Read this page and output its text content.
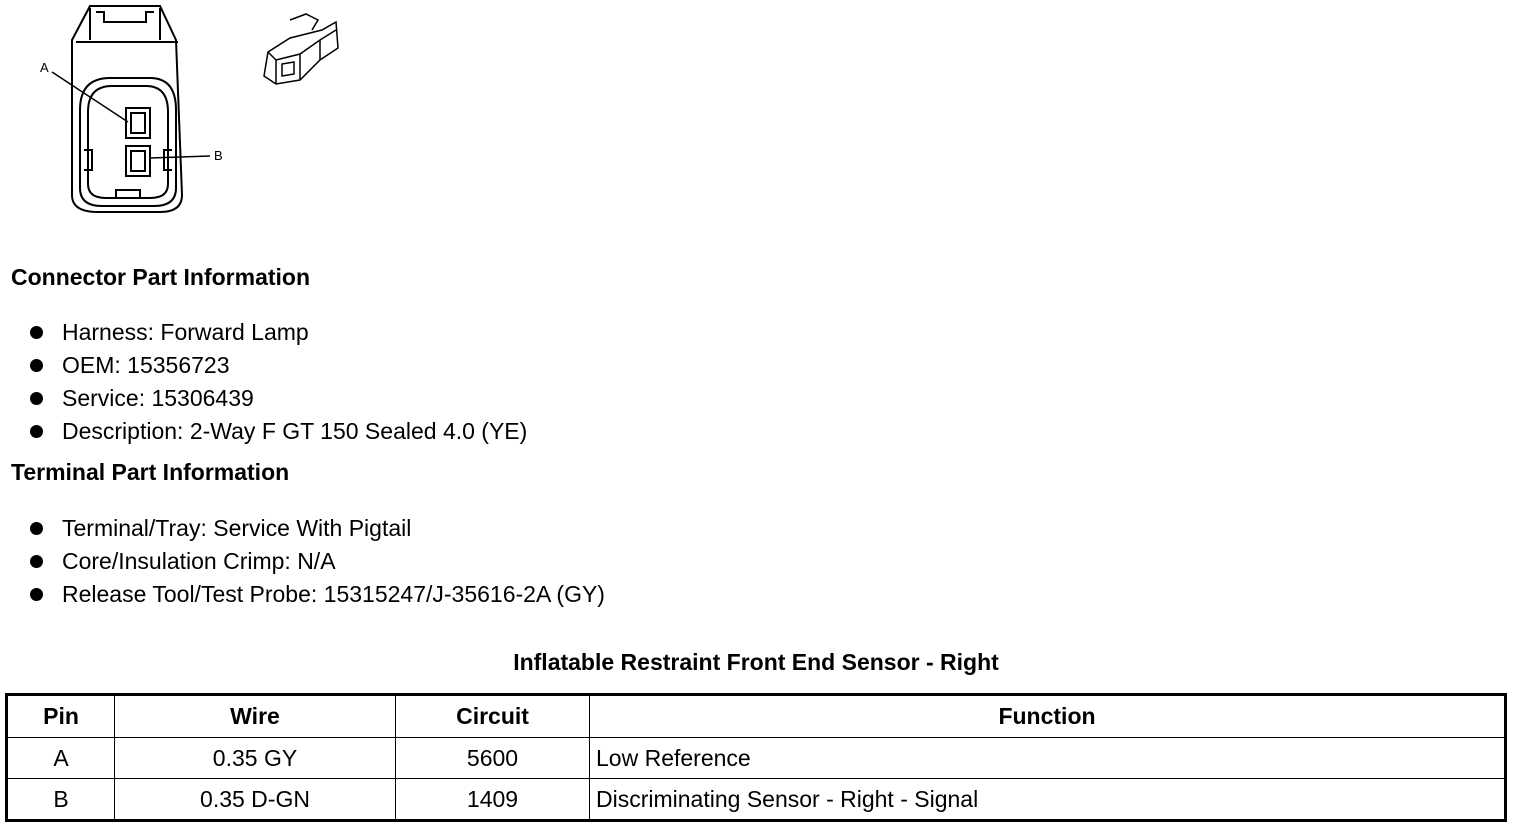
A
B
Connector Part Information
Harness: Forward Lamp
OEM: 15356723
Service: 15306439
Description: 2-Way F GT 150 Sealed 4.0 (YE)
Terminal Part Information
Terminal/Tray: Service With Pigtail
Core/Insulation Crimp: N/A
Release Tool/Test Probe: 15315247/J-35616-2A (GY)
Inflatable Restraint Front End Sensor - Right
Pin	Wire	Circuit	Function
A	0.35 GY	5600	Low Reference
B	0.35 D-GN	1409	Discriminating Sensor - Right - Signal
